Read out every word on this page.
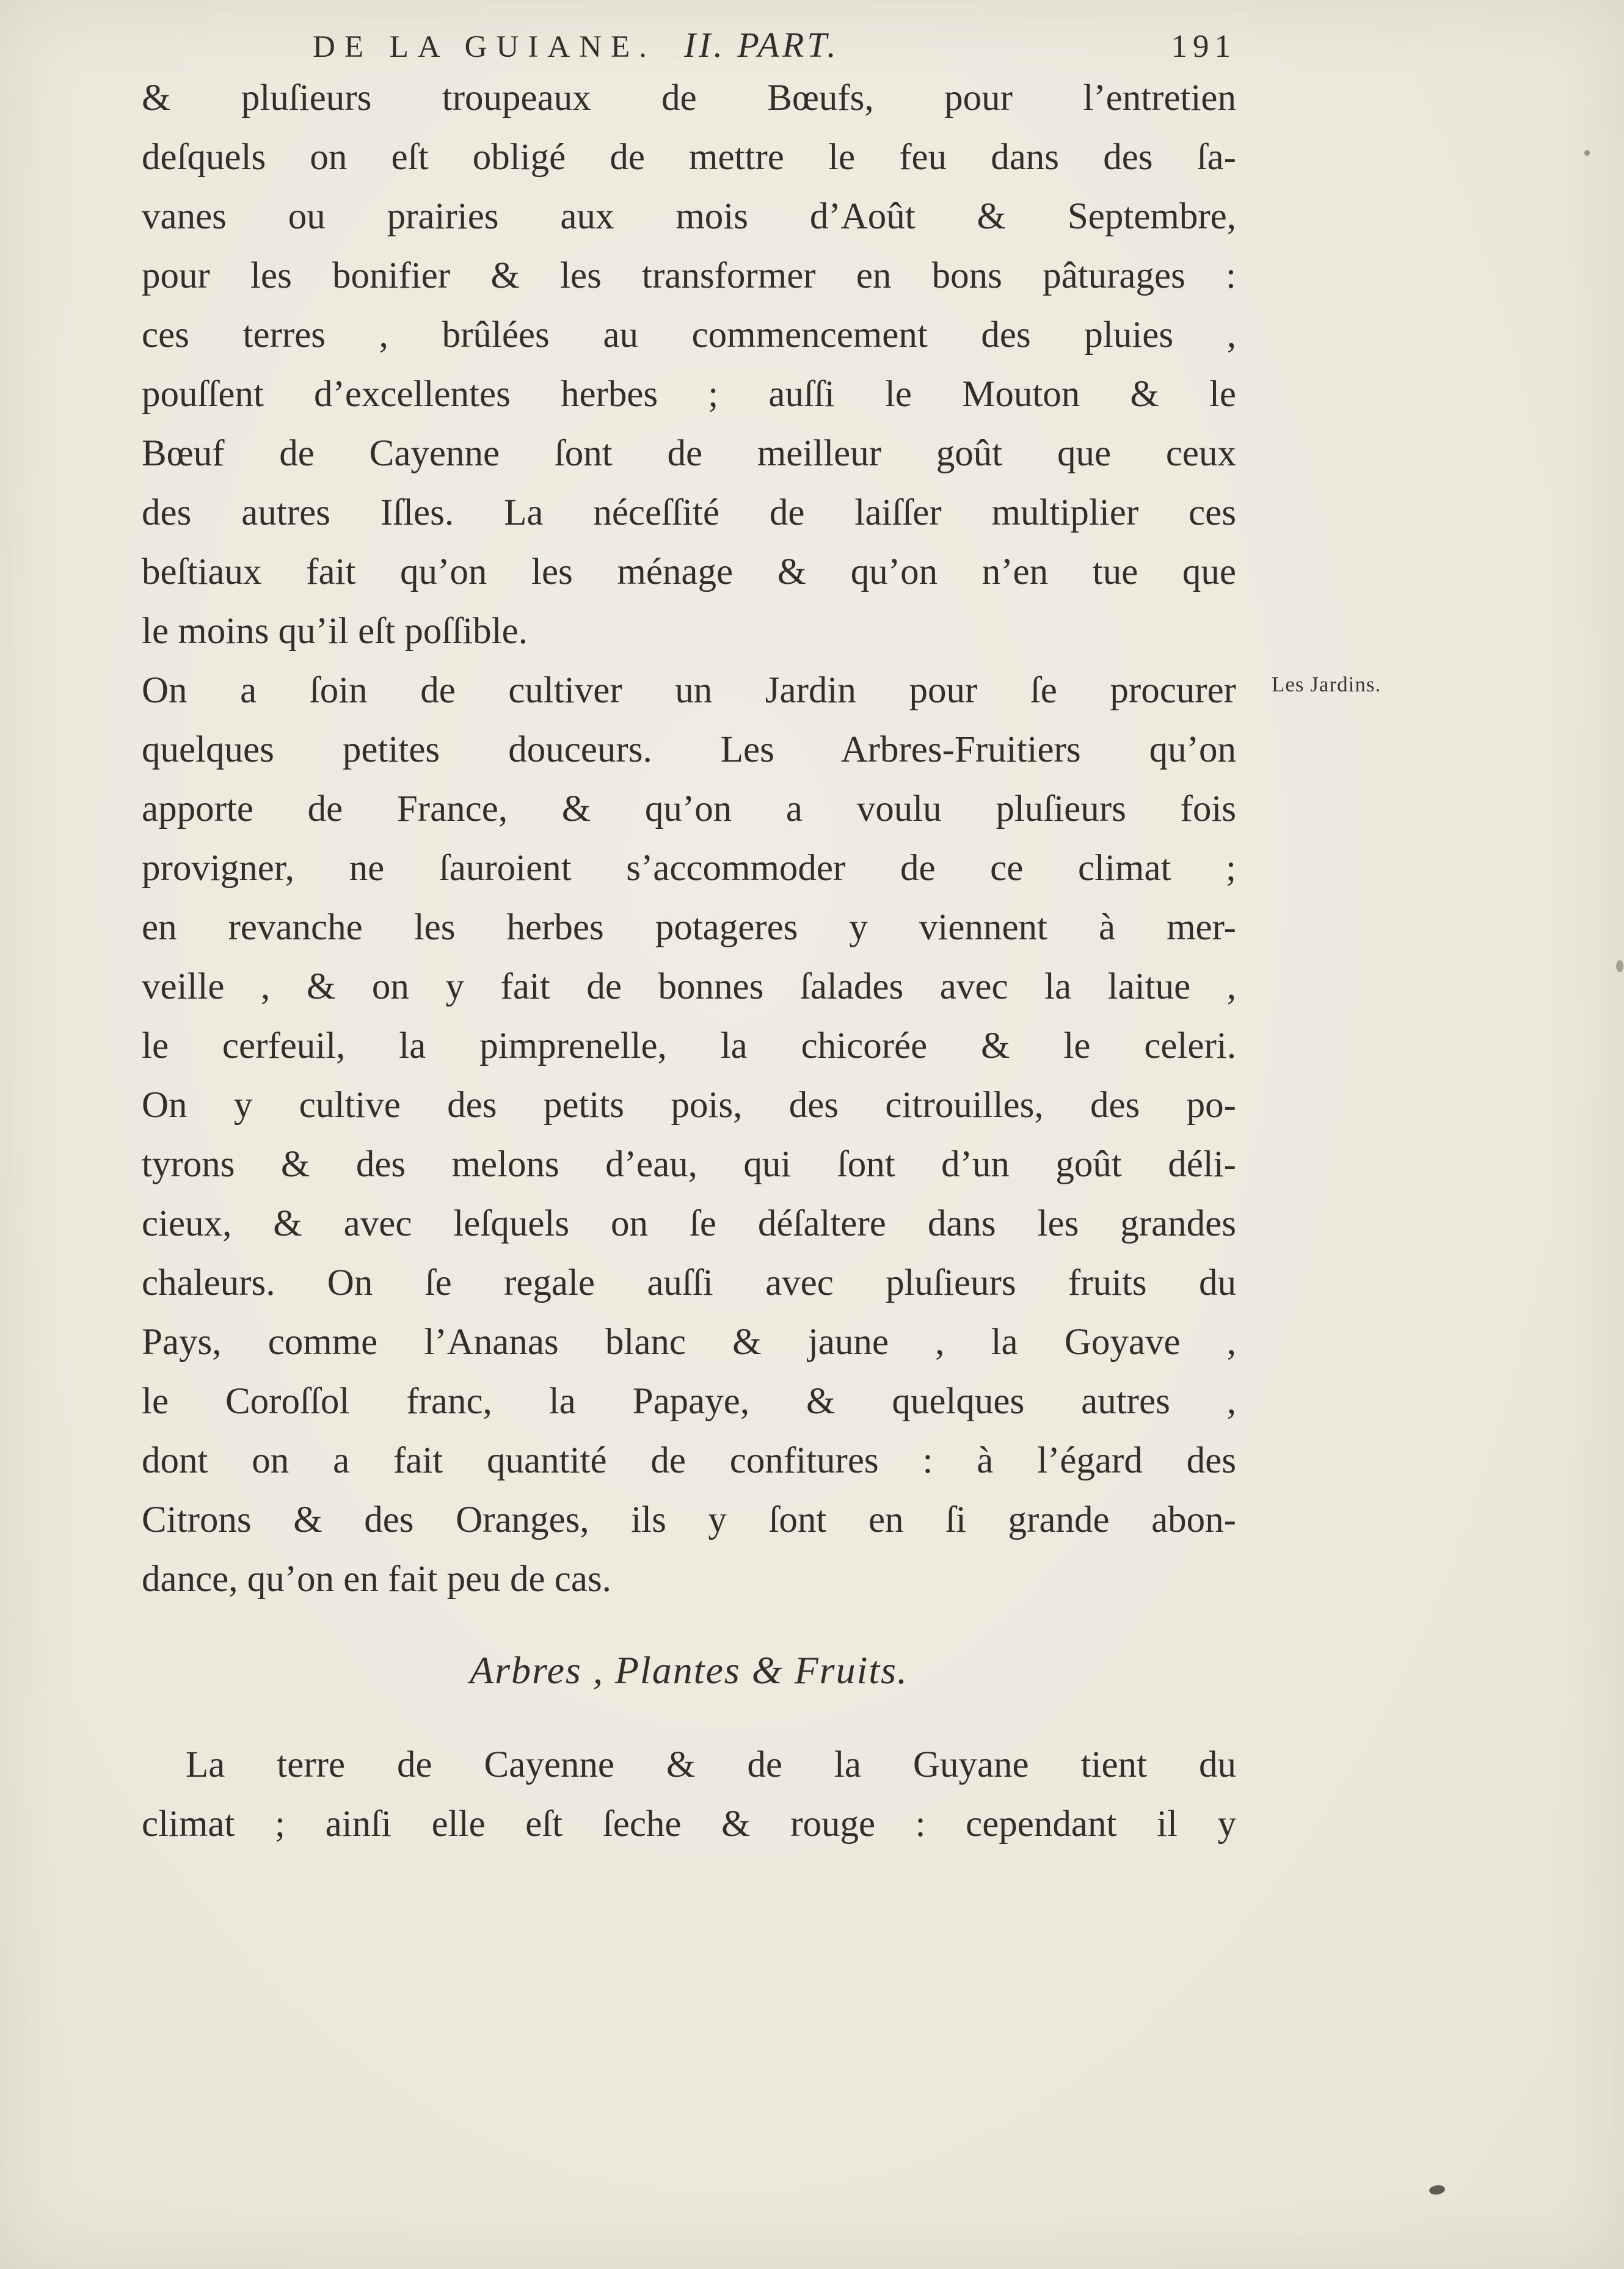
DE LA GUIANE. II. PART.	191
& pluſieurs troupeaux de Bœufs, pour l’entretien
deſquels on eſt obligé de mettre le feu dans des ſa-
vanes ou prairies aux mois d’Août & Septembre,
pour les bonifier & les transformer en bons pâturages :
ces terres , brûlées au commencement des pluies ,
pouſſent d’excellentes herbes ; auſſi le Mouton & le
Bœuf de Cayenne ſont de meilleur goût que ceux
des autres Iſles. La néceſſité de laiſſer multiplier ces
beſtiaux fait qu’on les ménage & qu’on n’en tue que
le moins qu’il eſt poſſible.
Les Jardins.
On a ſoin de cultiver un Jardin pour ſe procurer
quelques petites douceurs. Les Arbres-Fruitiers qu’on
apporte de France, & qu’on a voulu pluſieurs fois
provigner, ne ſauroient s’accommoder de ce climat ;
en revanche les herbes potageres y viennent à mer-
veille , & on y fait de bonnes ſalades avec la laitue ,
le cerfeuil, la pimprenelle, la chicorée & le celeri.
On y cultive des petits pois, des citrouilles, des po-
tyrons & des melons d’eau, qui ſont d’un goût déli-
cieux, & avec leſquels on ſe déſaltere dans les grandes
chaleurs. On ſe regale auſſi avec pluſieurs fruits du
Pays, comme l’Ananas blanc & jaune , la Goyave ,
le Coroſſol franc, la Papaye, & quelques autres ,
dont on a fait quantité de confitures : à l’égard des
Citrons & des Oranges, ils y ſont en ſi grande abon-
dance, qu’on en fait peu de cas.
Arbres , Plantes & Fruits.
La terre de Cayenne & de la Guyane tient du
climat ; ainſi elle eſt ſeche & rouge : cependant il y
